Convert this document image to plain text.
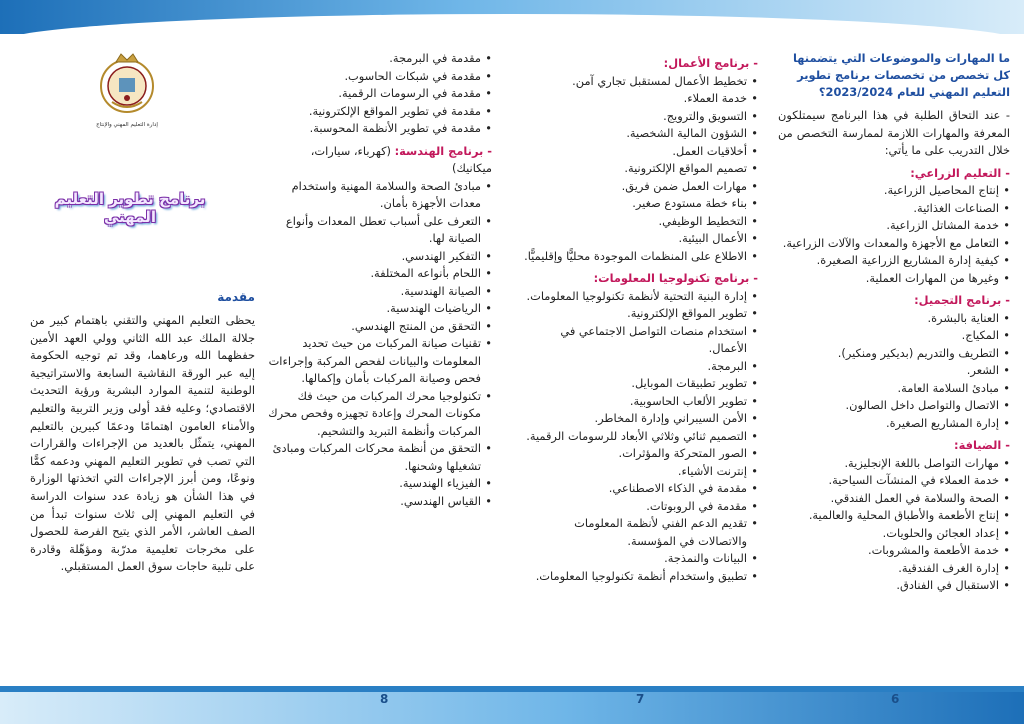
ما المهارات والموضوعات التي يتضمنها كل تخصص من تخصصات برنامج تطوير التعليم المهني للعام 2023/2024؟
- عند التحاق الطلبة في هذا البرنامج سيمتلكون المعرفة والمهارات اللازمة لممارسة التخصص من خلال التدريب على ما يأتي:
- التعليم الزراعي:
• إنتاج المحاصيل الزراعية.
• الصناعات الغذائية.
• خدمة المشاتل الزراعية.
• التعامل مع الأجهزة والمعدات والآلات الزراعية.
• كيفية إدارة المشاريع الزراعية الصغيرة.
• وغيرها من المهارات العملية.
- برنامج التجميل:
• العناية بالبشرة.
• المكياج.
• التطريف والتدريم (بديكير ومنكير).
• الشعر.
• مبادئ السلامة العامة.
• الاتصال والتواصل داخل الصالون.
• إدارة المشاريع الصغيرة.
- الضيافة:
• مهارات التواصل باللغة الإنجليزية.
• خدمة العملاء في المنشآت السياحية.
• الصحة والسلامة في العمل الفندقي.
• إنتاج الأطعمة والأطباق المحلية والعالمية.
• إعداد العجائن والحلويات.
• خدمة الأطعمة والمشروبات.
• إدارة الغرف الفندقية.
• الاستقبال في الفنادق.
- برنامج الأعمال:
• تخطيط الأعمال لمستقبل تجاري آمن.
• خدمة العملاء.
• التسويق والترويج.
• الشؤون المالية الشخصية.
• أخلاقيات العمل.
• تصميم المواقع الإلكترونية.
• مهارات العمل ضمن فريق.
• بناء خطة مستودع صغير.
• التخطيط الوظيفي.
• الأعمال البيئية.
• الاطلاع على المنظمات الموجودة محليًّا وإقليميًّا.
- برنامج تكنولوجيا المعلومات:
• إدارة البنية التحتية لأنظمة تكنولوجيا المعلومات.
• تطوير المواقع الإلكترونية.
• استخدام منصات التواصل الاجتماعي في الأعمال.
• البرمجة.
• تطوير تطبيقات الموبايل.
• تطوير الألعاب الحاسوبية.
• الأمن السيبراني وإدارة المخاطر.
• التصميم ثنائي وثلاثي الأبعاد للرسومات الرقمية.
• الصور المتحركة والمؤثرات.
• إنترنت الأشياء.
• مقدمة في الذكاء الاصطناعي.
• مقدمة في الروبوتات.
• تقديم الدعم الفني لأنظمة المعلومات والاتصالات في المؤسسة.
• البيانات والنمذجة.
• تطبيق واستخدام أنظمة تكنولوجيا المعلومات.
• مقدمة في البرمجة.
• مقدمة في شبكات الحاسوب.
• مقدمة في الرسومات الرقمية.
• مقدمة في تطوير المواقع الإلكترونية.
• مقدمة في تطوير الأنظمة المحوسبة.
- برنامج الهندسة: (كهرباء، سيارات، ميكانيك)
• مبادئ الصحة والسلامة المهنية واستخدام معدات الأجهزة بأمان.
• التعرف على أسباب تعطل المعدات وأنواع الصيانة لها.
• التفكير الهندسي.
• اللحام بأنواعه المختلفة.
• الصيانة الهندسية.
• الرياضيات الهندسية.
• التحقق من المنتج الهندسي.
• تقنيات صيانة المركبات من حيث تحديد المعلومات والبيانات لفحص المركبة وإجراءات فحص وصيانة المركبات بأمان وإكمالها.
• تكنولوجيا محرك المركبات من حيث فك مكونات المحرك وإعادة تجهيزه وفحص محرك المركبات وأنظمة التبريد والتشحيم.
• التحقق من أنظمة محركات المركبات ومبادئ تشغيلها وشحنها.
• الفيزياء الهندسية.
• القياس الهندسي.
إدارة التعليم المهني والإنتاج
برنامج تطوير التعليم المهني
مقدمة
يحظى التعليم المهني والتقني باهتمام كبير من جلالة الملك عبد الله الثاني وولي العهد الأمين حفظهما الله ورعاهما، وقد تم توجيه الحكومة إليه عبر الورقة النقاشية السابعة والاستراتيجية الوطنية لتنمية الموارد البشرية ورؤية التحديث الاقتصادي؛ وعليه فقد أولى وزير التربية والتعليم والأمناء العامون اهتمامًا ودعمًا كبيرين بالتعليم المهني، يتمثّل بالعديد من الإجراءات والقرارات التي تصب في تطوير التعليم المهني ودعمه كمًّا ونوعًا، ومن أبرز الإجراءات التي اتخذتها الوزارة في هذا الشأن هو زيادة عدد سنوات الدراسة في التعليم المهني إلى ثلاث سنوات تبدأ من الصف العاشر، الأمر الذي يتيح الفرصة للحصول على مخرجات تعليمية مدرّبة ومؤهّلة وقادرة على تلبية حاجات سوق العمل المستقبلي.
6
7
8
